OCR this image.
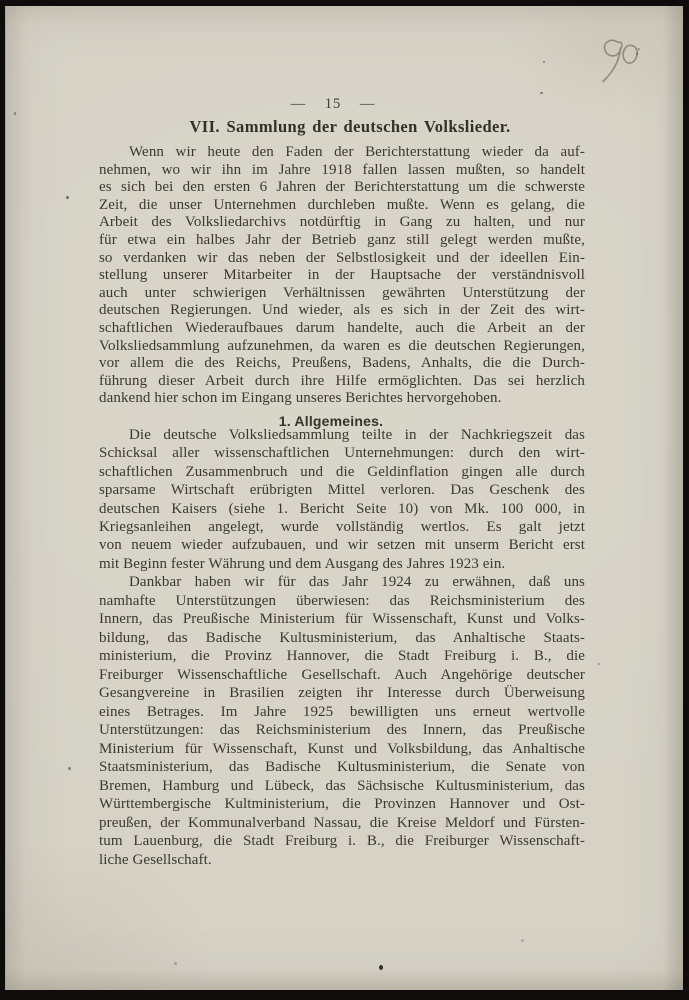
— 15 —
VII. Sammlung der deutschen Volkslieder.
Wenn wir heute den Faden der Berichterstattung wieder da auf-
nehmen, wo wir ihn im Jahre 1918 fallen lassen mußten, so handelt
es sich bei den ersten 6 Jahren der Berichterstattung um die schwerste
Zeit, die unser Unternehmen durchleben mußte. Wenn es gelang, die
Arbeit des Volksliedarchivs notdürftig in Gang zu halten, und nur
für etwa ein halbes Jahr der Betrieb ganz still gelegt werden mußte,
so verdanken wir das neben der Selbstlosigkeit und der ideellen Ein-
stellung unserer Mitarbeiter in der Hauptsache der verständnisvoll
auch unter schwierigen Verhältnissen gewährten Unterstützung der
deutschen Regierungen. Und wieder, als es sich in der Zeit des wirt-
schaftlichen Wiederaufbaues darum handelte, auch die Arbeit an der
Volksliedsammlung aufzunehmen, da waren es die deutschen Regierungen,
vor allem die des Reichs, Preußens, Badens, Anhalts, die die Durch-
führung dieser Arbeit durch ihre Hilfe ermöglichten. Das sei herzlich
dankend hier schon im Eingang unseres Berichtes hervorgehoben.
1. Allgemeines.
Die deutsche Volksliedsammlung teilte in der Nachkriegszeit das
Schicksal aller wissenschaftlichen Unternehmungen: durch den wirt-
schaftlichen Zusammenbruch und die Geldinflation gingen alle durch
sparsame Wirtschaft erübrigten Mittel verloren. Das Geschenk des
deutschen Kaisers (siehe 1. Bericht Seite 10) von Mk. 100 000, in
Kriegsanleihen angelegt, wurde vollständig wertlos. Es galt jetzt
von neuem wieder aufzubauen, und wir setzen mit unserm Bericht erst
mit Beginn fester Währung und dem Ausgang des Jahres 1923 ein.
Dankbar haben wir für das Jahr 1924 zu erwähnen, daß uns
namhafte Unterstützungen überwiesen: das Reichsministerium des
Innern, das Preußische Ministerium für Wissenschaft, Kunst und Volks-
bildung, das Badische Kultusministerium, das Anhaltische Staats-
ministerium, die Provinz Hannover, die Stadt Freiburg i. B., die
Freiburger Wissenschaftliche Gesellschaft. Auch Angehörige deutscher
Gesangvereine in Brasilien zeigten ihr Interesse durch Überweisung
eines Betrages. Im Jahre 1925 bewilligten uns erneut wertvolle
Unterstützungen: das Reichsministerium des Innern, das Preußische
Ministerium für Wissenschaft, Kunst und Volksbildung, das Anhaltische
Staatsministerium, das Badische Kultusministerium, die Senate von
Bremen, Hamburg und Lübeck, das Sächsische Kultusministerium, das
Württembergische Kultministerium, die Provinzen Hannover und Ost-
preußen, der Kommunalverband Nassau, die Kreise Meldorf und Fürsten-
tum Lauenburg, die Stadt Freiburg i. B., die Freiburger Wissenschaft-
liche Gesellschaft.
